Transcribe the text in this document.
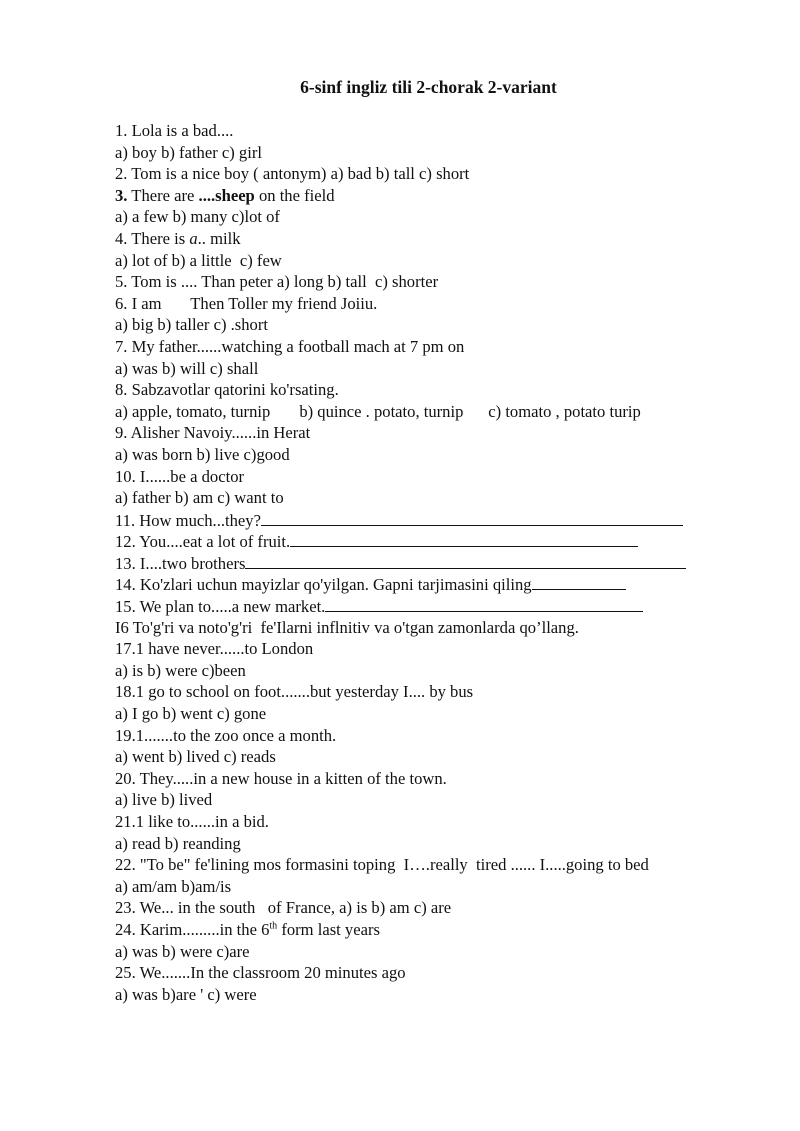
6-sinf ingliz tili 2-chorak 2-variant
1. Lola is a bad....
a) boy b) father c) girl
2. Tom is a nice boy ( antonym) a) bad b) tall c) short
3. There are ....sheep on the field
a) a few b) many c)lot of
4. There is a.. milk
a) lot of b) a little  c) few
5. Tom is .... Than peter a) long b) tall  c) shorter
6. I am       Then Toller my friend Joiiu.
a) big b) taller c) .short
7. My father......watching a football mach at 7 pm on
a) was b) will c) shall
8. Sabzavotlar qatorini ko'rsating.
a) apple, tomato, turnip       b) quince . potato, turnip      c) tomato , potato turip
9. Alisher Navoiy......in Herat
a) was born b) live c)good
10. I......be a doctor
a) father b) am c) want to
11. How much...they?
12. You....eat a lot of fruit.
13. I....two brothers
14. Ko'zlari uchun mayizlar qo'yilgan. Gapni tarjimasini qiling
15. We plan to.....a new market.
I6 To'g'ri va noto'g'ri  fe'Ilarni inflnitiv va o'tgan zamonlarda qo’llang.
17.1 have never......to London
a) is b) were c)been
18.1 go to school on foot.......but yesterday I.... by bus
a) I go b) went c) gone
19.1.......to the zoo once a month.
a) went b) lived c) reads
20. They.....in a new house in a kitten of the town.
a) live b) lived
21.1 like to......in a bid.
a) read b) reanding
22. "To be" fe'lining mos formasini toping  I….really  tired ...... I.....going to bed
a) am/am b)am/is
23. We... in the south   of France, a) is b) am c) are
24. Karim.........in the 6th form last years
a) was b) were c)are
25. We.......In the classroom 20 minutes ago
a) was b)are ' c) were
